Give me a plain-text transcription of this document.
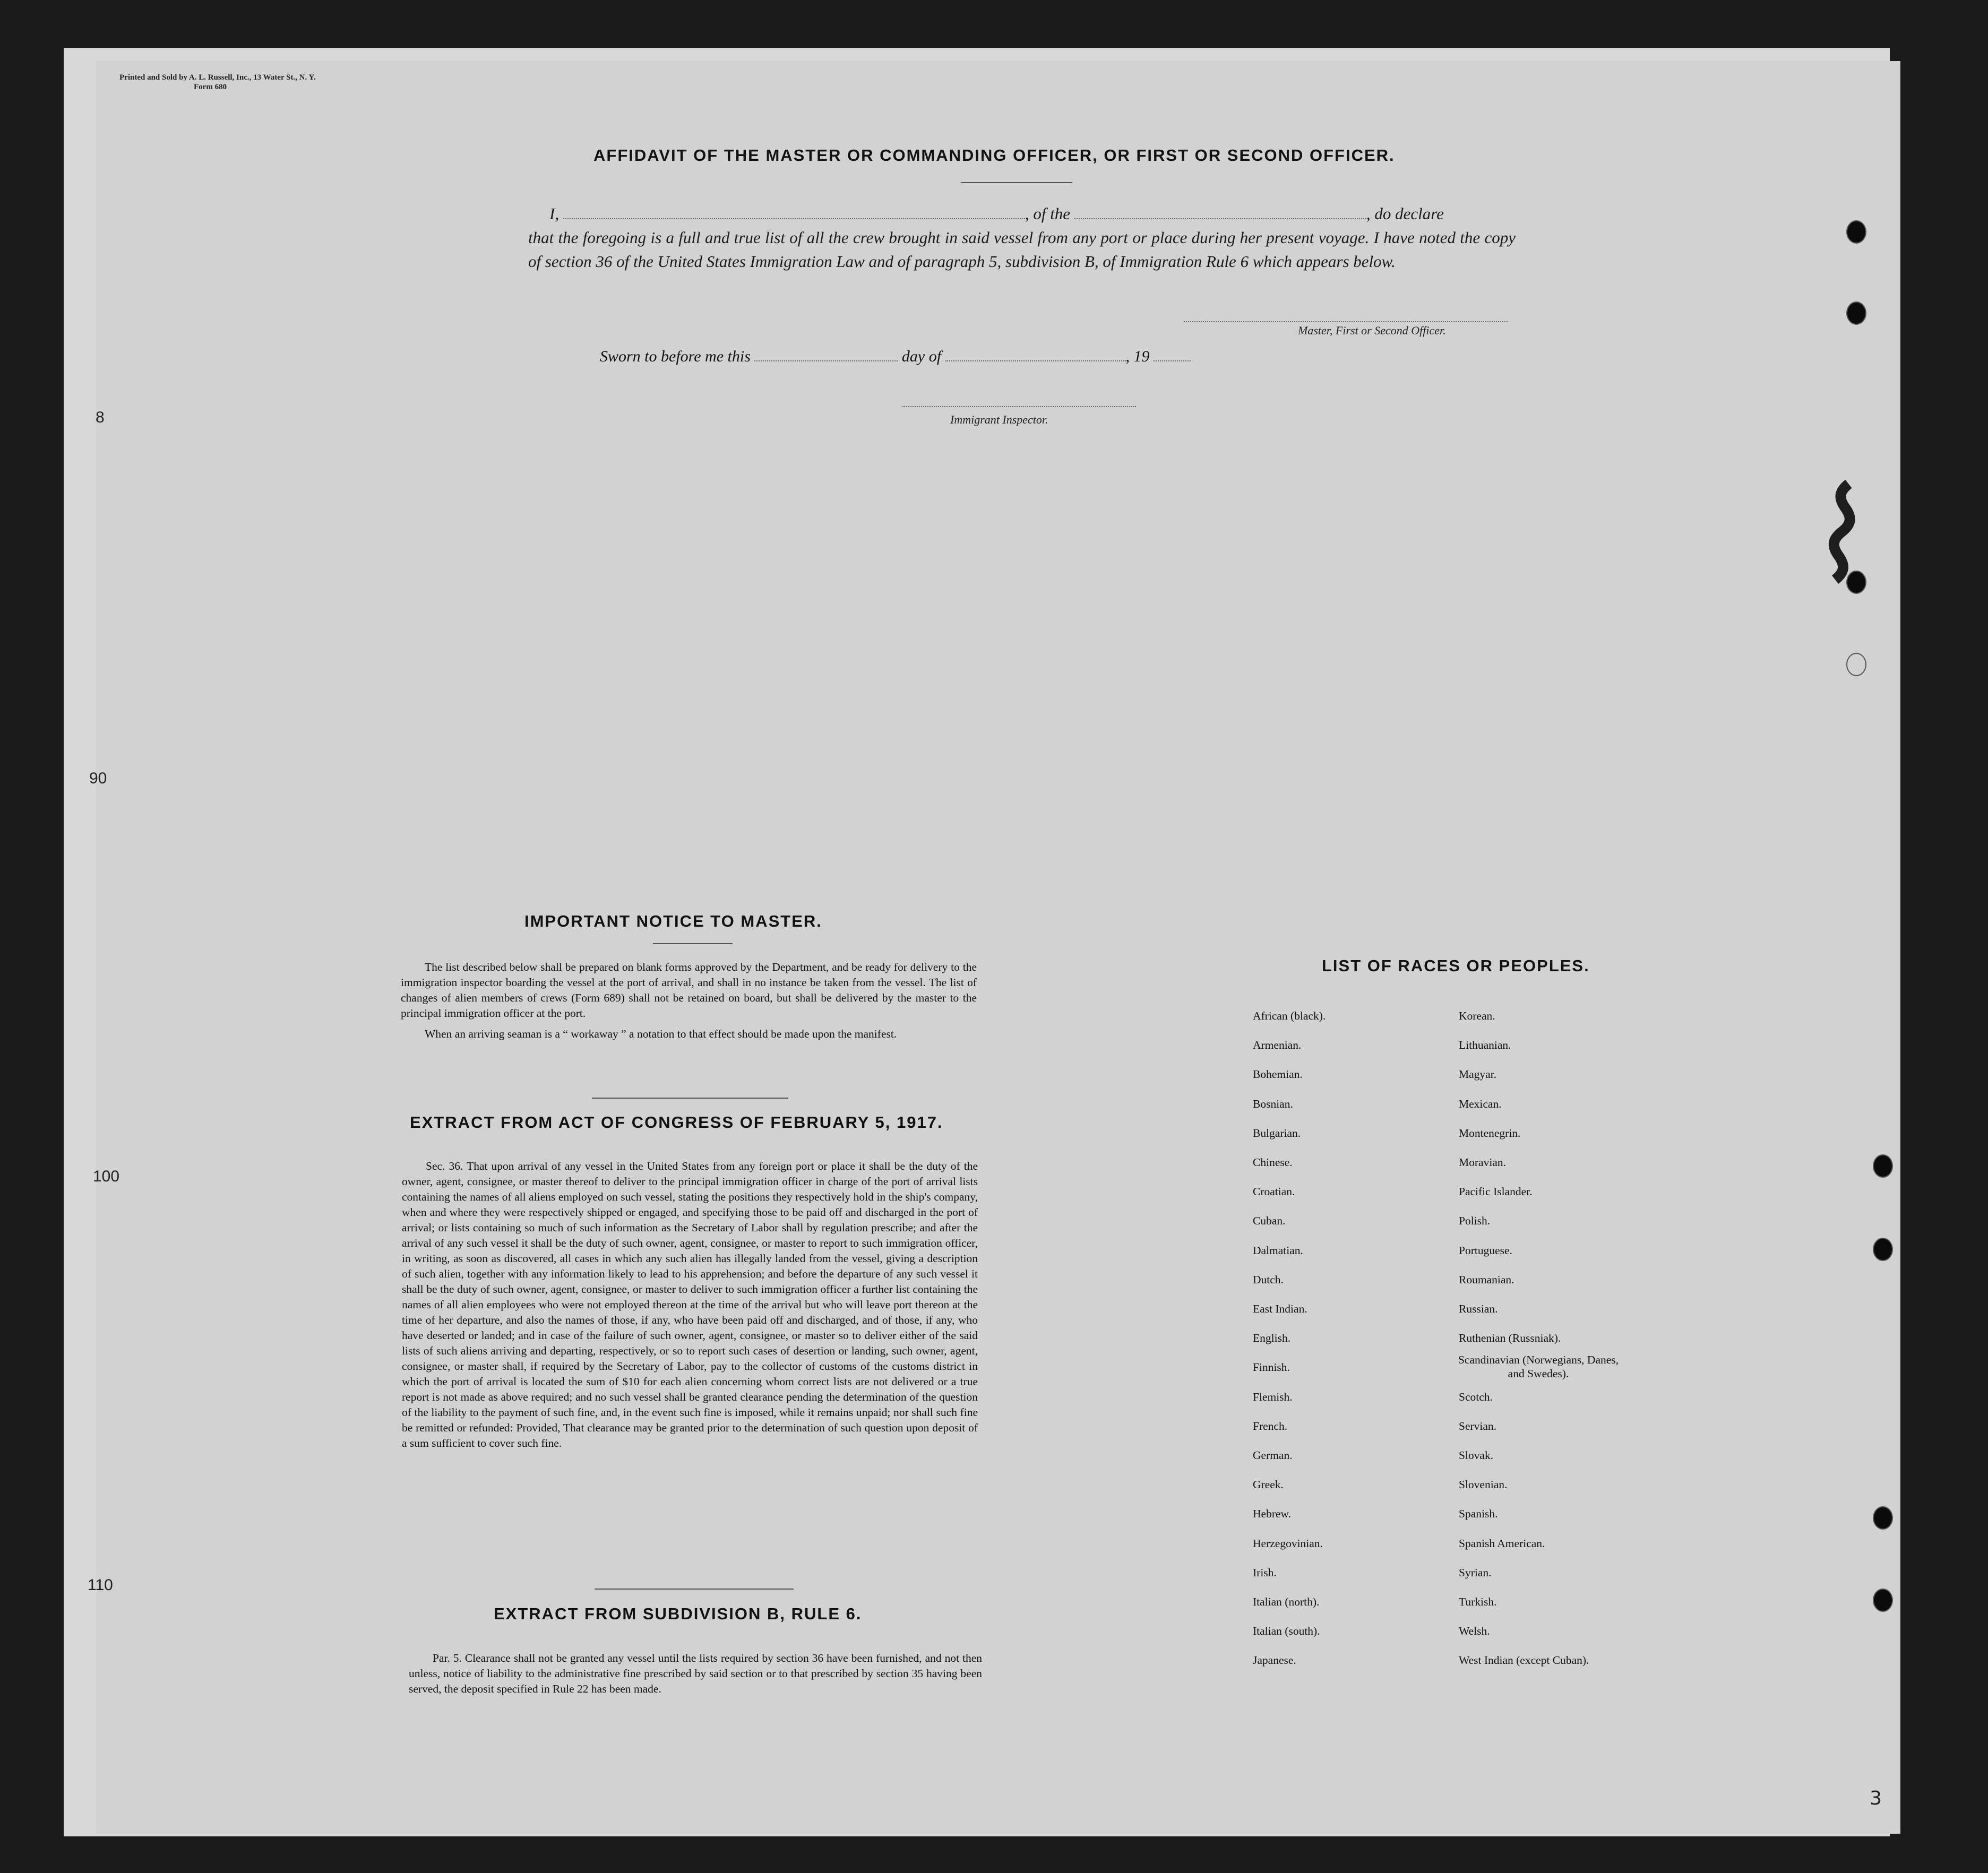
Printed and Sold by A. L. Russell, Inc., 13 Water St., N. Y.
Form 680
8
90
100
110
AFFIDAVIT OF THE MASTER OR COMMANDING OFFICER, OR FIRST OR SECOND OFFICER.
I,	, of the	, do declare
that the foregoing is a full and true list of all the crew brought in said vessel from any port or place during her present voyage. I have noted the copy of section 36 of the United States Immigration Law and of paragraph 5, subdivision B, of Immigration Rule 6 which appears below.
Master, First or Second Officer.
Sworn to before me this	day of	, 19
Immigrant Inspector.
⌇
IMPORTANT NOTICE TO MASTER.

The list described below shall be prepared on blank forms approved by the Department, and be ready for delivery to the immigration inspector boarding the vessel at the port of arrival, and shall in no instance be taken from the vessel. The list of changes of alien members of crews (Form 689) shall not be retained on board, but shall be delivered by the master to the principal immigration officer at the port.

When an arriving seaman is a “ workaway ” a notation to that effect should be made upon the manifest.

EXTRACT FROM ACT OF CONGRESS OF FEBRUARY 5, 1917.
Sec. 36. That upon arrival of any vessel in the United States from any foreign port or place it shall be the duty of the owner, agent, consignee, or master thereof to deliver to the principal immigration officer in charge of the port of arrival lists containing the names of all aliens employed on such vessel, stating the positions they respectively hold in the ship's company, when and where they were respectively shipped or engaged, and specifying those to be paid off and discharged in the port of arrival; or lists containing so much of such information as the Secretary of Labor shall by regulation prescribe; and after the arrival of any such vessel it shall be the duty of such owner, agent, consignee, or master to report to such immigration officer, in writing, as soon as discovered, all cases in which any such alien has illegally landed from the vessel, giving a description of such alien, together with any information likely to lead to his apprehension; and before the departure of any such vessel it shall be the duty of such owner, agent, consignee, or master to deliver to such immigration officer a further list containing the names of all alien employees who were not employed thereon at the time of the arrival but who will leave port thereon at the time of her departure, and also the names of those, if any, who have been paid off and discharged, and of those, if any, who have deserted or landed; and in case of the failure of such owner, agent, consignee, or master so to deliver either of the said lists of such aliens arriving and departing, respectively, or so to report such cases of desertion or landing, such owner, agent, consignee, or master shall, if required by the Secretary of Labor, pay to the collector of customs of the customs district in which the port of arrival is located the sum of $10 for each alien concerning whom correct lists are not delivered or a true report is not made as above required; and no such vessel shall be granted clearance pending the determination of the question of the liability to the payment of such fine, and, in the event such fine is imposed, while it remains unpaid; nor shall such fine be remitted or refunded: Provided, That clearance may be granted prior to the determination of such question upon deposit of a sum sufficient to cover such fine.
EXTRACT FROM SUBDIVISION B, RULE 6.
Par. 5. Clearance shall not be granted any vessel until the lists required by section 36 have been furnished, and not then unless, notice of liability to the administrative fine prescribed by said section or to that prescribed by section 35 having been served, the deposit specified in Rule 22 has been made.
LIST OF RACES OR PEOPLES.
African (black).
Armenian.
Bohemian.
Bosnian.
Bulgarian.
Chinese.
Croatian.
Cuban.
Dalmatian.
Dutch.
East Indian.
English.
Finnish.
Flemish.
French.
German.
Greek.
Hebrew.
Herzegovinian.
Irish.
Italian (north).
Italian (south).
Japanese.
Korean.
Lithuanian.
Magyar.
Mexican.
Montenegrin.
Moravian.
Pacific Islander.
Polish.
Portuguese.
Roumanian.
Russian.
Ruthenian (Russniak).
Scandinavian (Norwegians, Danes, and Swedes).
Scotch.
Servian.
Slovak.
Slovenian.
Spanish.
Spanish American.
Syrian.
Turkish.
Welsh.
West Indian (except Cuban).
3
